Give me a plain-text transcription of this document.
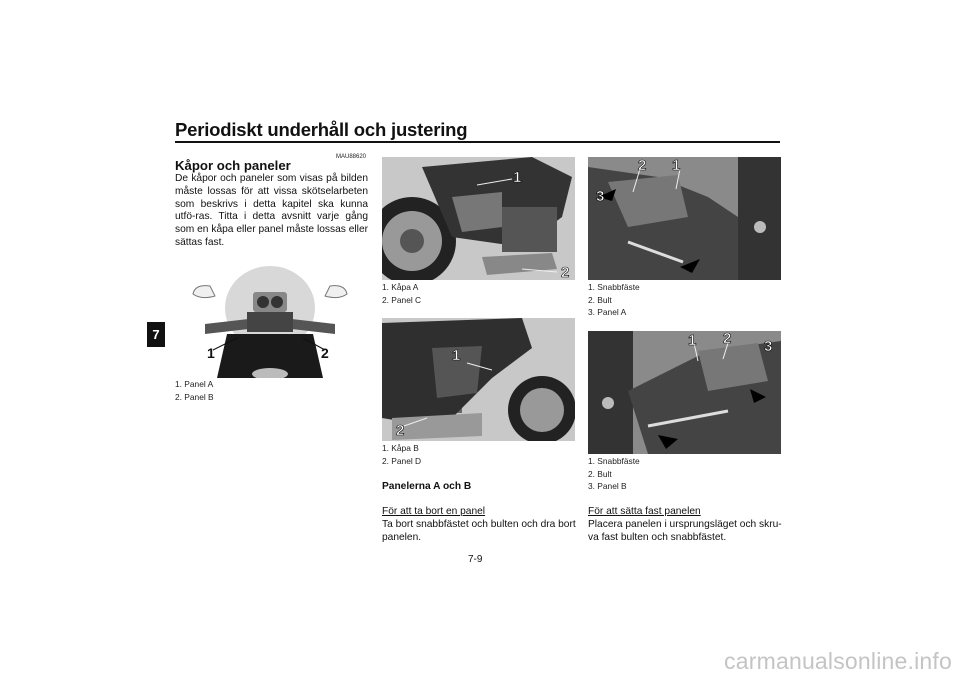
Periodiskt underhåll och justering
7
MAU88620
Kåpor och paneler
De kåpor och paneler som visas på bilden måste lossas för att vissa skötselarbeten som beskrivs i detta kapitel ska kunna utfö-ras. Titta i detta avsnitt varje gång som en kåpa eller panel måste lossas eller sättas fast.
1	2
1. Panel A
2. Panel B
1
2
1. Kåpa A
2. Panel C
1
2
1. Kåpa B
2. Panel D
Panelerna A och B
För att ta bort en panel
Ta bort snabbfästet och bulten och dra bort panelen.
2 1
3
1. Snabbfäste
2. Bult
3. Panel A
1 2 3
1. Snabbfäste
2. Bult
3. Panel B
För att sätta fast panelen
Placera panelen i ursprungsläget och skru-va fast bulten och snabbfästet.
7-9
carmanualsonline.info
